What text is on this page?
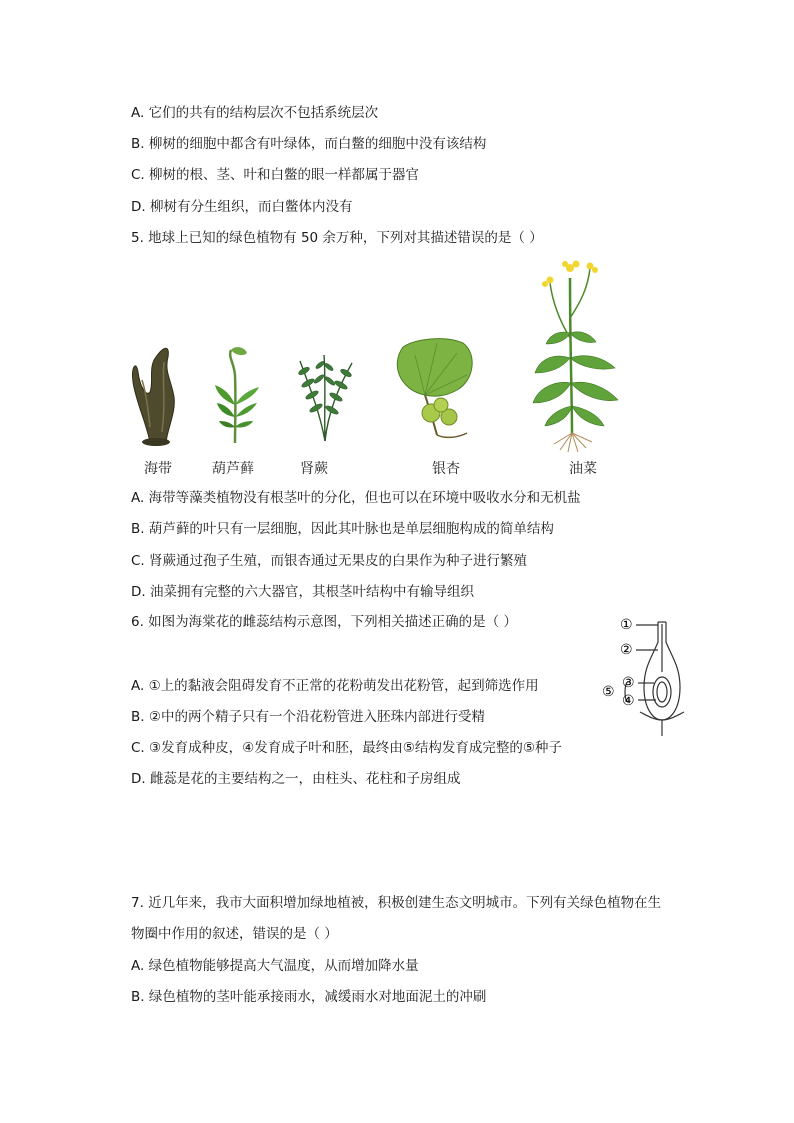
A. 它们的共有的结构层次不包括系统层次
B. 柳树的细胞中都含有叶绿体，而白鳖的细胞中没有该结构
C. 柳树的根、茎、叶和白鳖的眼一样都属于器官
D. 柳树有分生组织，而白鳖体内没有
5. 地球上已知的绿色植物有 50 余万种，下列对其描述错误的是（ ）
海带	葫芦藓	肾蕨	银杏	油菜
A. 海带等藻类植物没有根茎叶的分化，但也可以在环境中吸收水分和无机盐
B. 葫芦藓的叶只有一层细胞，因此其叶脉也是单层细胞构成的简单结构
C. 肾蕨通过孢子生殖，而银杏通过无果皮的白果作为种子进行繁殖
D. 油菜拥有完整的六大器官，其根茎叶结构中有输导组织
6. 如图为海棠花的雌蕊结构示意图，下列相关描述正确的是（ ）	①
②
③
④
⑤
A. ①上的黏液会阻碍发育不正常的花粉萌发出花粉管，起到筛选作用
B. ②中的两个精子只有一个沿花粉管进入胚珠内部进行受精
C. ③发育成种皮，④发育成子叶和胚，最终由⑤结构发育成完整的⑤种子
D. 雌蕊是花的主要结构之一，由柱头、花柱和子房组成
7. 近几年来，我市大面积增加绿地植被，积极创建生态文明城市。下列有关绿色植物在生
物圈中作用的叙述，错误的是（ ）
A. 绿色植物能够提高大气温度，从而增加降水量
B. 绿色植物的茎叶能承接雨水，减缓雨水对地面泥土的冲刷
